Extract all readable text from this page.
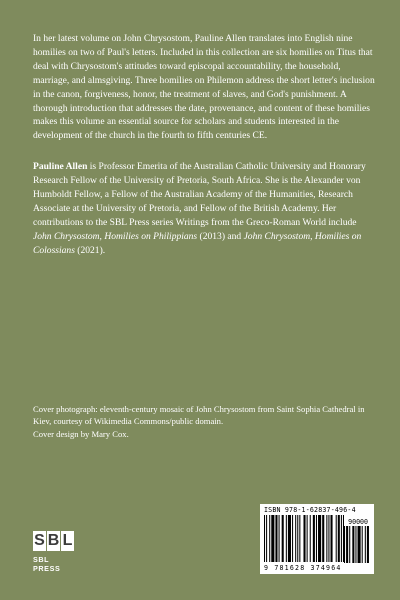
In her latest volume on John Chrysostom, Pauline Allen translates into English nine homilies on two of Paul's letters. Included in this collection are six homilies on Titus that deal with Chrysostom's attitudes toward episcopal accountability, the household, marriage, and almsgiving. Three homilies on Philemon address the short letter's inclusion in the canon, forgiveness, honor, the treatment of slaves, and God's punishment. A thorough introduction that addresses the date, provenance, and content of these homilies makes this volume an essential source for scholars and students interested in the development of the church in the fourth to fifth centuries CE.

Pauline Allen is Professor Emerita of the Australian Catholic University and Honorary Research Fellow of the University of Pretoria, South Africa. She is the Alexander von Humboldt Fellow, a Fellow of the Australian Academy of the Humanities, Research Associate at the University of Pretoria, and Fellow of the British Academy. Her contributions to the SBL Press series Writings from the Greco-Roman World include John Chrysostom, Homilies on Philippians (2013) and John Chrysostom, Homilies on Colossians (2021).

Cover photograph: eleventh-century mosaic of John Chrysostom from Saint Sophia Cathedral in Kiev, courtesy of Wikimedia Commons/public domain.

Cover design by Mary Cox.

S B L
SBL PRESS
ISBN 978-1-62837-496-4
90000
9 781628 374964
